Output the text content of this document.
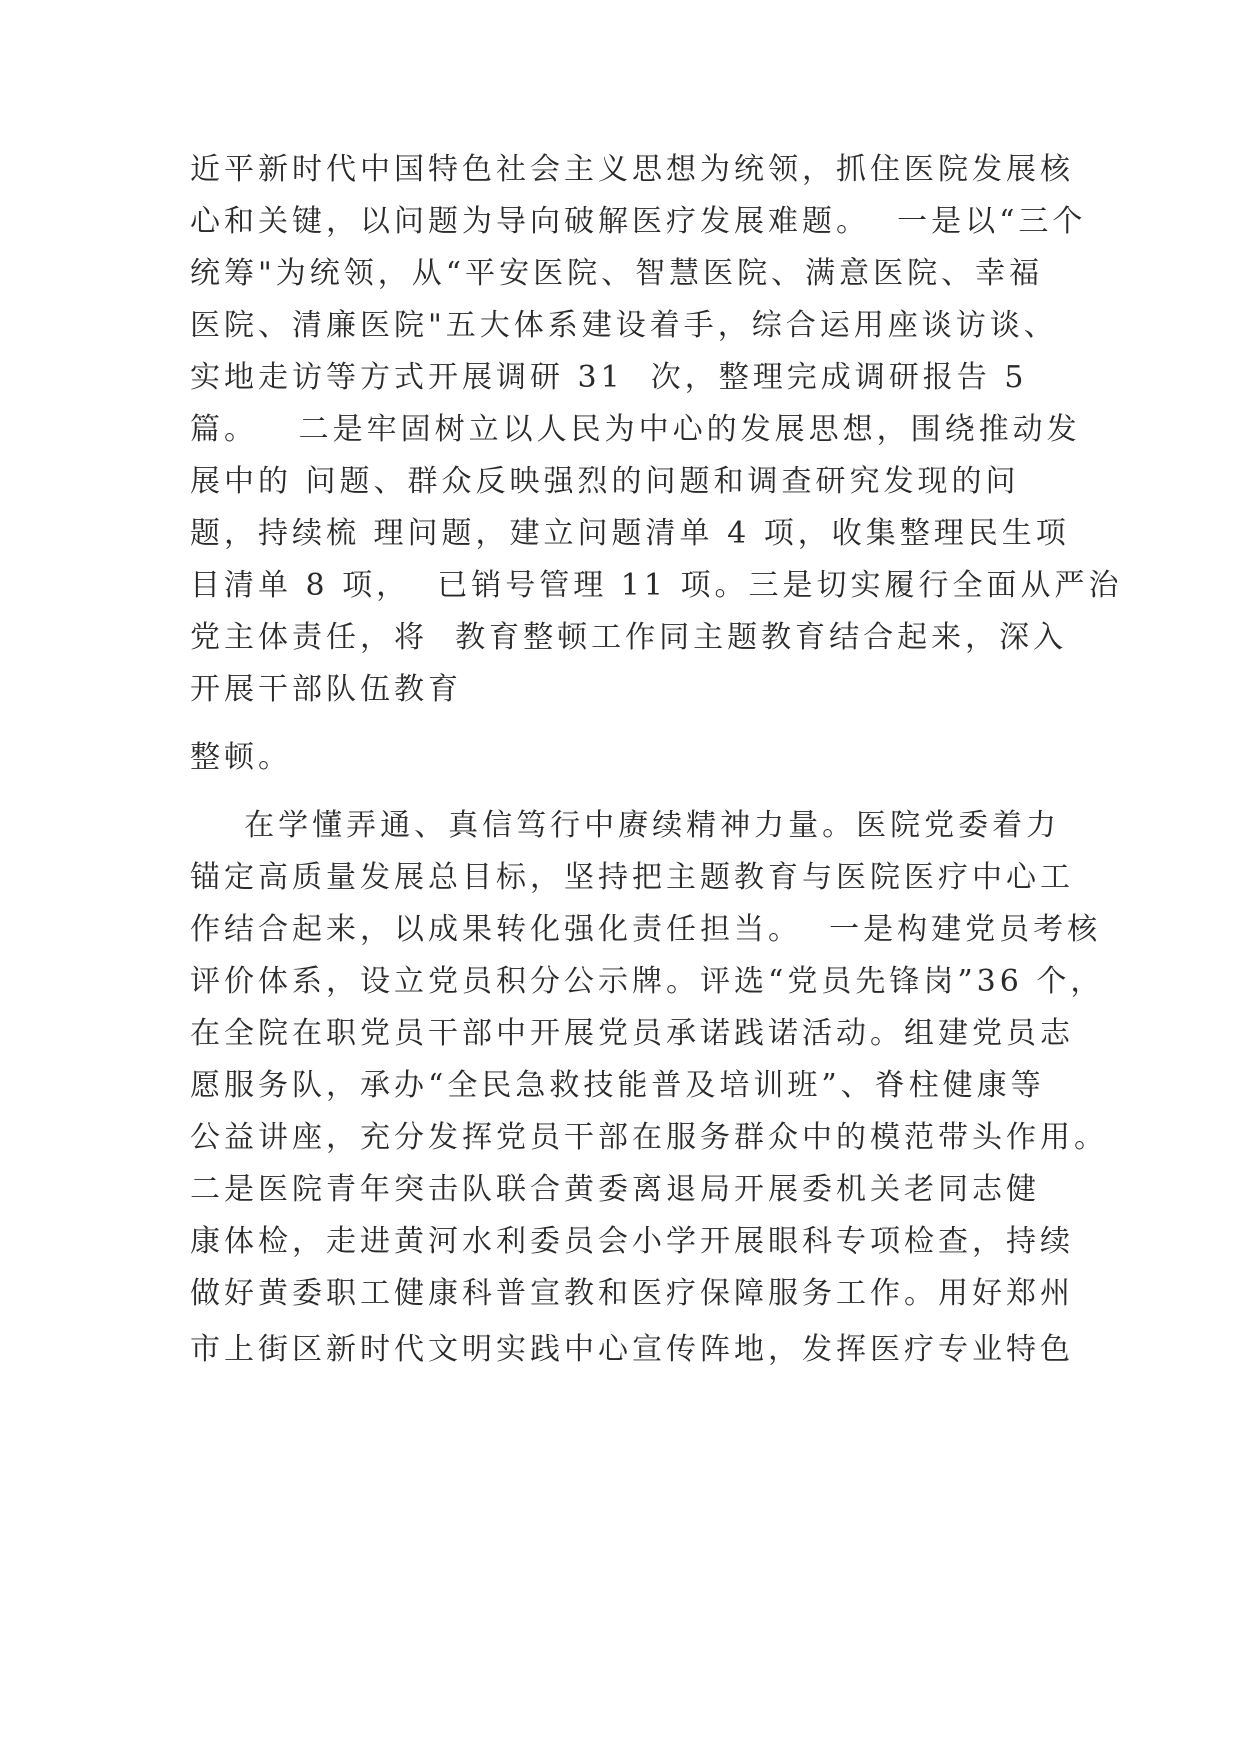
近平新时代中国特色社会主义思想为统领，抓住医院发展核
心和关键，以问题为导向破解医疗发展难题。  一是以“三个
统筹"为统领，从“平安医院、智慧医院、满意医院、幸福
医院、清廉医院"五大体系建设着手，综合运用座谈访谈、
实地走访等方式开展调研 31  次，整理完成调研报告 5
篇。   二是牢固树立以人民为中心的发展思想，围绕推动发
展中的 问题、群众反映强烈的问题和调查研究发现的问
题，持续梳 理问题，建立问题清单 4 项，收集整理民生项
目清单 8 项，  已销号管理 11 项。三是切实履行全面从严治
党主体责任，将  教育整顿工作同主题教育结合起来，深入
开展干部队伍教育
整顿。
在学懂弄通、真信笃行中赓续精神力量。医院党委着力
锚定高质量发展总目标，坚持把主题教育与医院医疗中心工
作结合起来，以成果转化强化责任担当。  一是构建党员考核
评价体系，设立党员积分公示牌。评选“党员先锋岗”36 个，
在全院在职党员干部中开展党员承诺践诺活动。组建党员志
愿服务队，承办“全民急救技能普及培训班”、脊柱健康等
公益讲座，充分发挥党员干部在服务群众中的模范带头作用。
二是医院青年突击队联合黄委离退局开展委机关老同志健
康体检，走进黄河水利委员会小学开展眼科专项检查，持续
做好黄委职工健康科普宣教和医疗保障服务工作。用好郑州
市上街区新时代文明实践中心宣传阵地，发挥医疗专业特色
